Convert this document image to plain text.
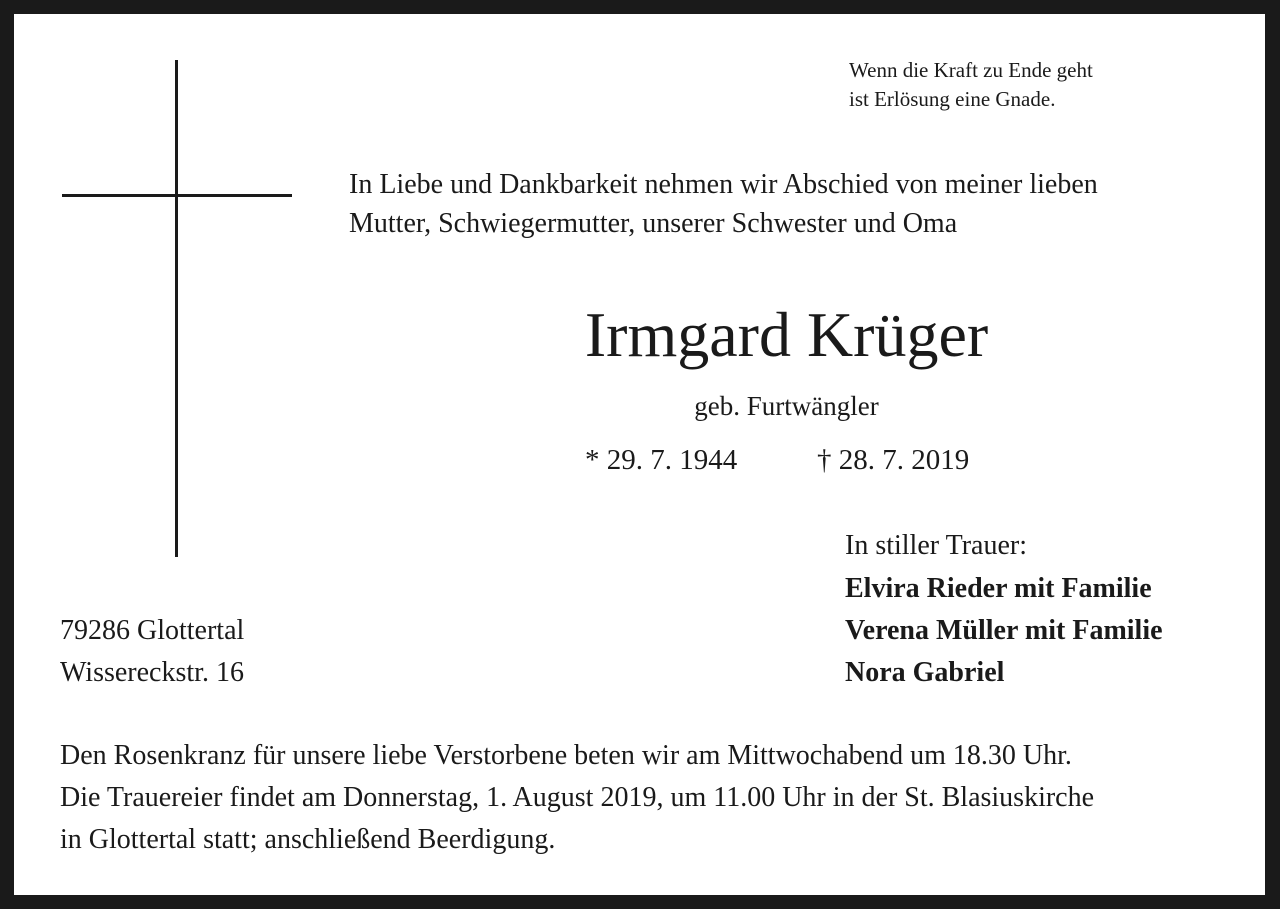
Wenn die Kraft zu Ende geht
ist Erlösung eine Gnade.
In Liebe und Dankbarkeit nehmen wir Abschied von meiner lieben
Mutter, Schwiegermutter, unserer Schwester und Oma
Irmgard Krüger
geb. Furtwängler
* 29. 7. 1944	† 28. 7. 2019
In stiller Trauer:
Elvira Rieder mit Familie
Verena Müller mit Familie
Nora Gabriel
79286 Glottertal
Wissereckstr. 16
Den Rosenkranz für unsere liebe Verstorbene beten wir am Mittwochabend um 18.30 Uhr.
Die Trauereier findet am Donnerstag, 1. August 2019, um 11.00 Uhr in der St. Blasiuskirche
in Glottertal statt; anschließend Beerdigung.
